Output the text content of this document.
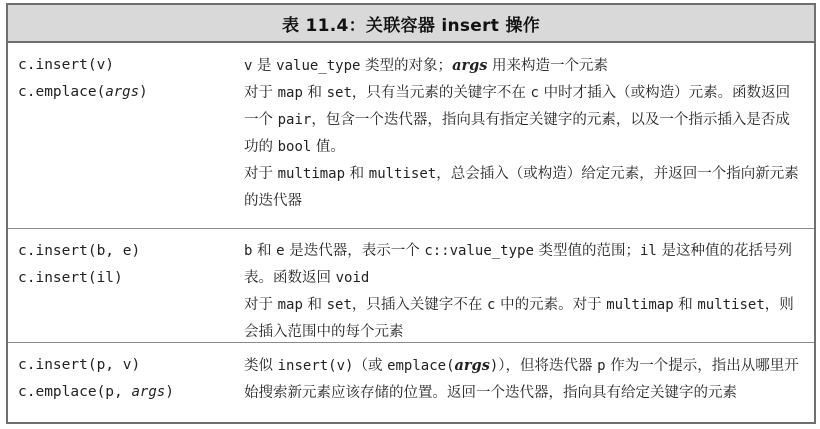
表 11.4：关联容器 insert 操作
c.insert(v)
c.emplace(args)
v 是 value_type 类型的对象；args 用来构造一个元素
对于 map 和 set，只有当元素的关键字不在 c 中时才插入（或构造）元素。函数返回一个 pair，包含一个迭代器，指向具有指定关键字的元素，以及一个指示插入是否成功的 bool 值。
对于 multimap 和 multiset，总会插入（或构造）给定元素，并返回一个指向新元素的迭代器
c.insert(b, e)
c.insert(il)
b 和 e 是迭代器，表示一个 c::value_type 类型值的范围；il 是这种值的花括号列表。函数返回 void
对于 map 和 set，只插入关键字不在 c 中的元素。对于 multimap 和 multiset，则会插入范围中的每个元素
c.insert(p, v)
c.emplace(p, args)
类似 insert(v)（或 emplace(args)），但将迭代器 p 作为一个提示，指出从哪里开始搜索新元素应该存储的位置。返回一个迭代器，指向具有给定关键字的元素
